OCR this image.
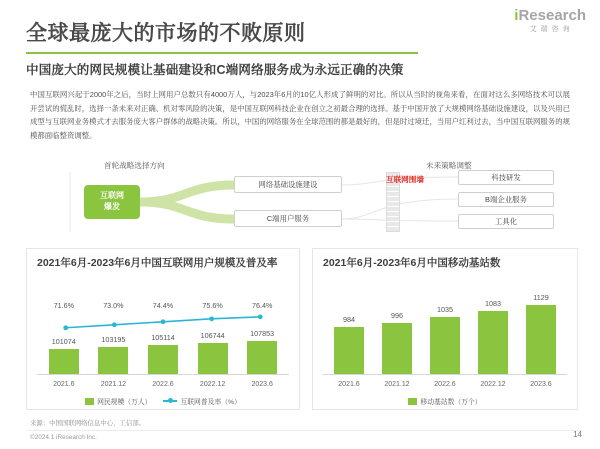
iResearch
艾 瑞 咨 询
全球最庞大的市场的不败原则
中国庞大的网民规模让基础建设和C端网络服务成为永远正确的决策
中国互联网兴起于2000年之后，当时上网用户总数只有4000万人，与2023年6月的10亿人形成了鲜明的对比。所以从当时的视角来看，在面对这么多网络技术可以展开尝试的慌乱时，选择一条未来对正确、机对零风险的决策，是中国互联网科技企业在创立之初最合理的选择。基于中国开放了大规模网络基础设施建设，以及兴用已成型与互联网业务模式才去服务庞大客户群体的战略决策。所以，中国的网络服务在全球范围的都是最好的，但是时过境迁，当用户红利过去，当中国互联网服务的规模都面临整资调整。
首轮战略选择方向	未来策略调整
互联网围墙
互联网
爆发
网络基础设施建设
C端用户服务
科技研发
B端企业服务
工具化
2021年6月-2023年6月中国互联网用户规模及普及率
71.6%	73.0%	74.4%	75.6%	76.4%
101074	103195	105114	106744	107853
2021.6	2021.12	2022.6	2022.12	2023.6
网民规模（万人）	互联网普及率（%）
2021年6月-2023年6月中国移动基站数
984	996
1035
1083
1129
2021.6	2021.12	2022.6	2022.12	2023.6
移动基站数（万个）
来源：中国国联网络信息中心，工信部。
©2024.1 iResearch Inc.	14
